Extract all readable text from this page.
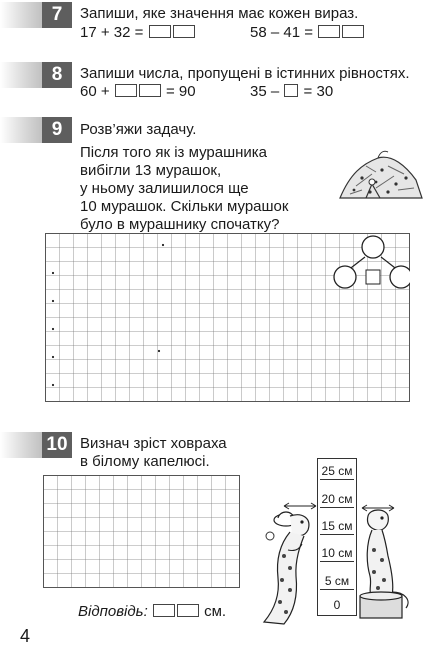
7	Запиши, яке значення має кожен вираз.
17 + 32 =	58 – 41 =
8	Запиши числа, пропущені в істинних рівностях.
60 +	= 90	35 – = 30
9	Розв’яжи задачу.
Після того як із мурашника
вибігли 13 мурашок,
у ньому залишилося ще
10 мурашок. Скільки мурашок
було в мурашнику спочатку?
10 Визнач зріст ховраха
в білому капелюсі.
Відповідь:	см.
25 см
20 см
15 см
10 см
5 см
0
4
